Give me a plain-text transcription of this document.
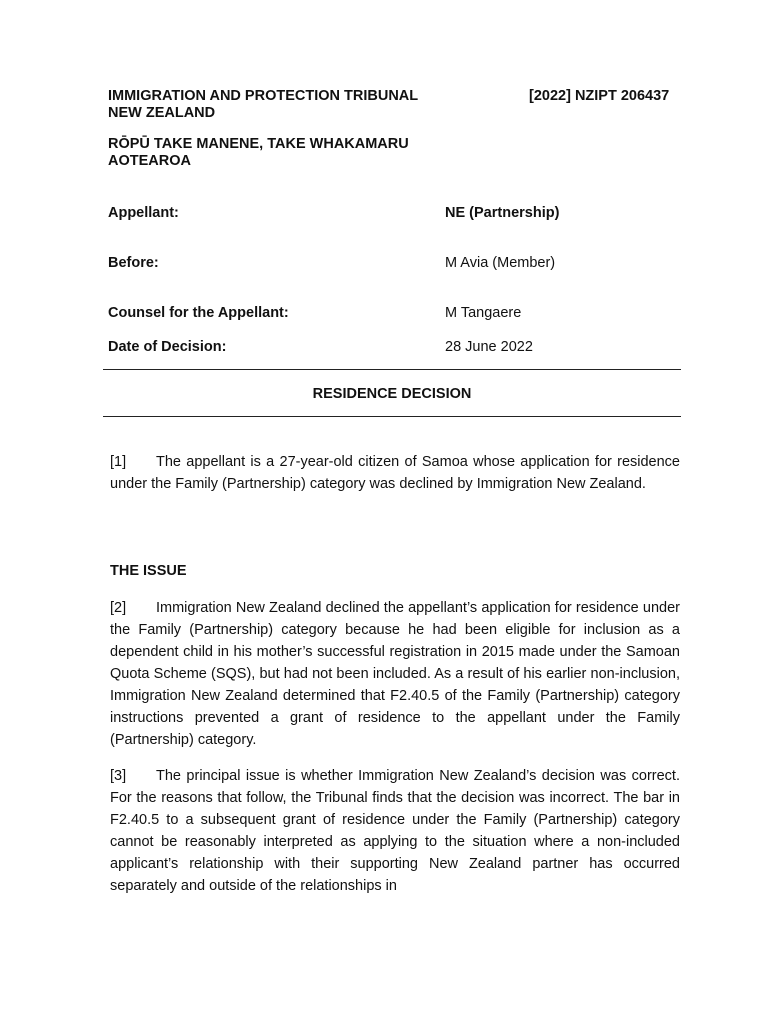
IMMIGRATION AND PROTECTION TRIBUNAL
NEW ZEALAND
[2022] NZIPT 206437
RŌPŪ TAKE MANENE, TAKE WHAKAMARU
AOTEAROA
Appellant:	NE (Partnership)
Before:	M Avia (Member)
Counsel for the Appellant:	M Tangaere
Date of Decision:	28 June 2022
RESIDENCE DECISION
[1] The appellant is a 27-year-old citizen of Samoa whose application for residence under the Family (Partnership) category was declined by Immigration New Zealand.
THE ISSUE
[2] Immigration New Zealand declined the appellant’s application for residence under the Family (Partnership) category because he had been eligible for inclusion as a dependent child in his mother’s successful registration in 2015 made under the Samoan Quota Scheme (SQS), but had not been included. As a result of his earlier non-inclusion, Immigration New Zealand determined that F2.40.5 of the Family (Partnership) category instructions prevented a grant of residence to the appellant under the Family (Partnership) category.
[3] The principal issue is whether Immigration New Zealand’s decision was correct. For the reasons that follow, the Tribunal finds that the decision was incorrect. The bar in F2.40.5 to a subsequent grant of residence under the Family (Partnership) category cannot be reasonably interpreted as applying to the situation where a non-included applicant’s relationship with their supporting New Zealand partner has occurred separately and outside of the relationships in
